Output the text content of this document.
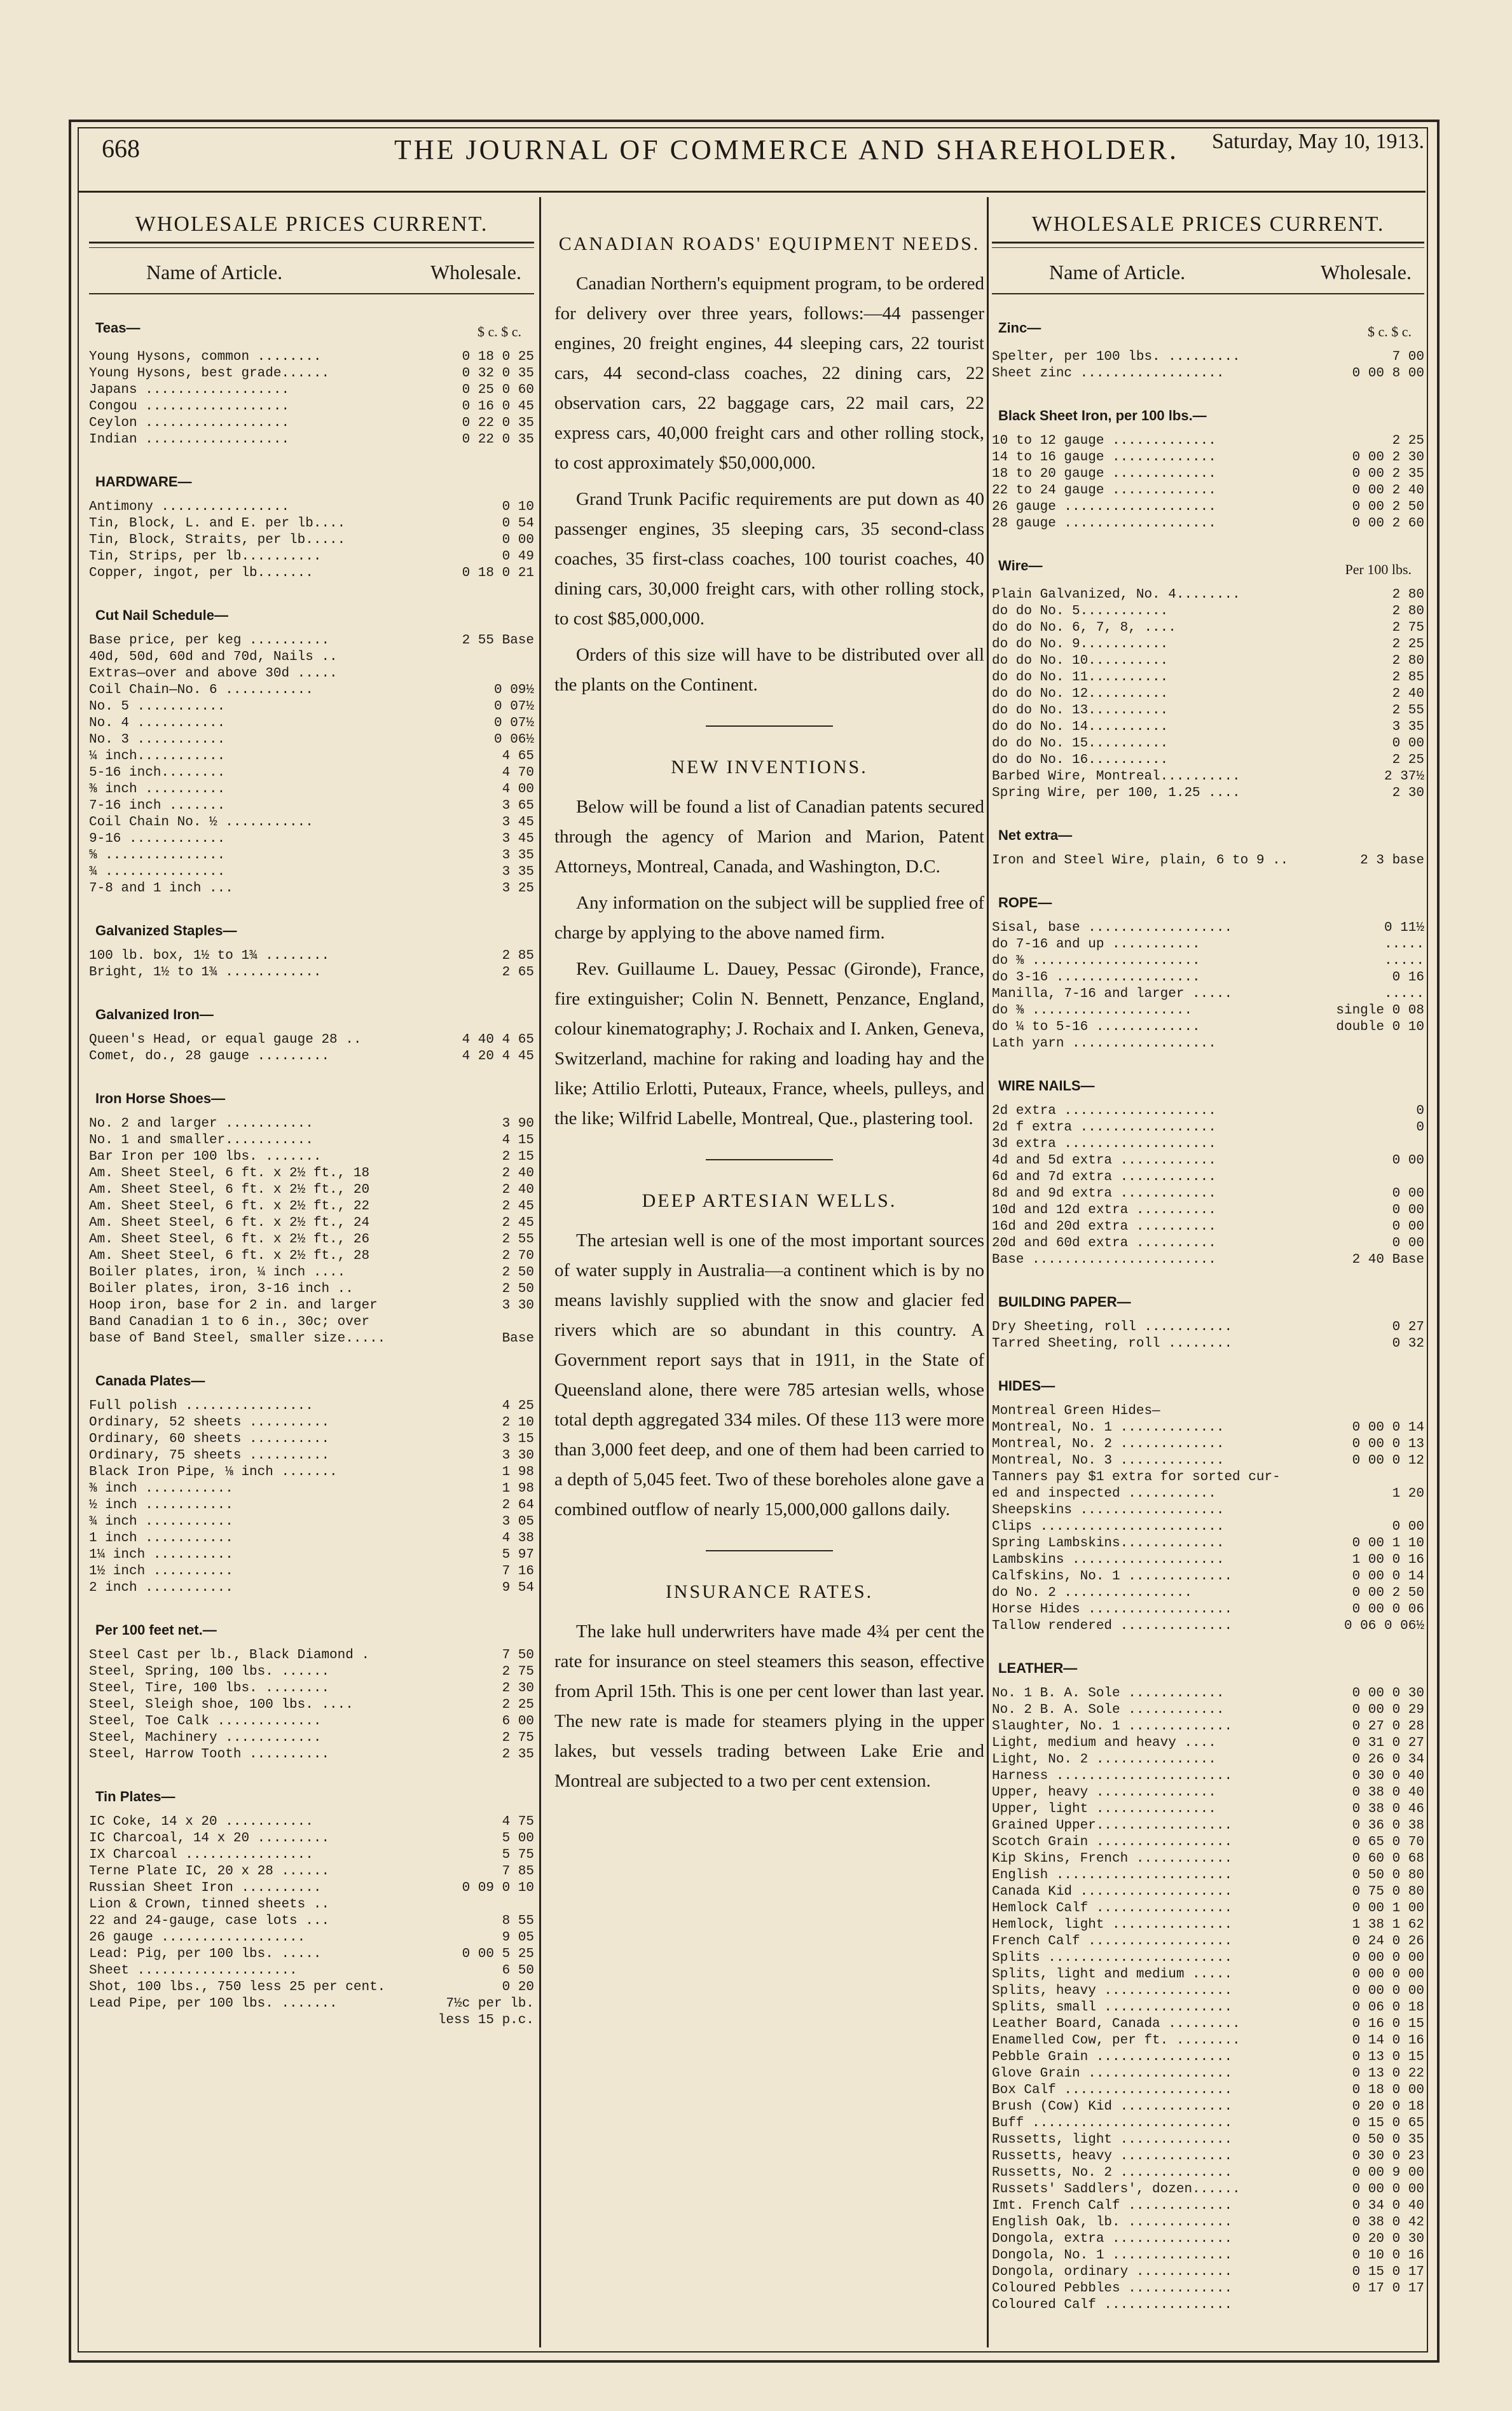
668	THE JOURNAL OF COMMERCE AND SHAREHOLDER. Saturday, May 10, 1913.
WHOLESALE PRICES CURRENT.
Name of Article.	Wholesale.
Teas—	$ c. $ c.
Young Hysons, common ........	0 18 0 25
Young Hysons, best grade......	0 32 0 35
Japans ..................	0 25 0 60
Congou ..................	0 16 0 45
Ceylon ..................	0 22 0 35
Indian ..................	0 22 0 35
HARDWARE—
Antimony ................	0 10
Tin, Block, L. and E. per lb....	0 54
Tin, Block, Straits, per lb.....	0 00
Tin, Strips, per lb..........	0 49
Copper, ingot, per lb.......	0 18 0 21
Cut Nail Schedule—
Base price, per keg ..........	2 55 Base
40d, 50d, 60d and 70d, Nails ..
Extras—over and above 30d .....
Coil Chain—No. 6 ...........	0 09½
No. 5 ...........	0 07½
No. 4 ...........	0 07½
No. 3 ...........	0 06½
¼ inch...........	4 65
5-16 inch........	4 70
⅜ inch ..........	4 00
7-16 inch .......	3 65
Coil Chain No. ½ ...........	3 45
9-16 ............	3 45
⅝ ...............	3 35
¾ ...............	3 35
7-8 and 1 inch ...	3 25
Galvanized Staples—
100 lb. box, 1½ to 1¾ ........	2 85
Bright, 1½ to 1¾ ............	2 65
Galvanized Iron—
Queen's Head, or equal gauge 28 ..	4 40 4 65
Comet, do., 28 gauge .........	4 20 4 45
Iron Horse Shoes—
No. 2 and larger ...........	3 90
No. 1 and smaller...........	4 15
Bar Iron per 100 lbs. .......	2 15
Am. Sheet Steel, 6 ft. x 2½ ft., 18	2 40
Am. Sheet Steel, 6 ft. x 2½ ft., 20	2 40
Am. Sheet Steel, 6 ft. x 2½ ft., 22	2 45
Am. Sheet Steel, 6 ft. x 2½ ft., 24	2 45
Am. Sheet Steel, 6 ft. x 2½ ft., 26	2 55
Am. Sheet Steel, 6 ft. x 2½ ft., 28	2 70
Boiler plates, iron, ¼ inch ....	2 50
Boiler plates, iron, 3-16 inch ..	2 50
Hoop iron, base for 2 in. and larger	3 30
Band Canadian 1 to 6 in., 30c; over
base of Band Steel, smaller size.....	Base
Canada Plates—
Full polish ................	4 25
Ordinary, 52 sheets ..........	2 10
Ordinary, 60 sheets ..........	3 15
Ordinary, 75 sheets ..........	3 30
Black Iron Pipe, ⅛ inch .......	1 98
⅜ inch ...........	1 98
½ inch ...........	2 64
¾ inch ...........	3 05
1 inch ...........	4 38
1¼ inch ..........	5 97
1½ inch ..........	7 16
2 inch ...........	9 54
Per 100 feet net.—
Steel Cast per lb., Black Diamond .	7 50
Steel, Spring, 100 lbs. ......	2 75
Steel, Tire, 100 lbs. ........	2 30
Steel, Sleigh shoe, 100 lbs. ....	2 25
Steel, Toe Calk .............	6 00
Steel, Machinery ............	2 75
Steel, Harrow Tooth ..........	2 35
Tin Plates—
IC Coke, 14 x 20 ...........	4 75
IC Charcoal, 14 x 20 .........	5 00
IX Charcoal ................	5 75
Terne Plate IC, 20 x 28 ......	7 85
Russian Sheet Iron ..........	0 09 0 10
Lion & Crown, tinned sheets ..
22 and 24-gauge, case lots ...	8 55
26 gauge ..................	9 05
Lead: Pig, per 100 lbs. .....	0 00 5 25
Sheet ....................	6 50
Shot, 100 lbs., 750 less 25 per cent.	0 20
Lead Pipe, per 100 lbs. .......	7½c per lb.
less 15 p.c.
CANADIAN ROADS' EQUIPMENT NEEDS.

Canadian Northern's equipment program, to be ordered for delivery over three years, follows:—44 passenger engines, 20 freight engines, 44 sleeping cars, 22 tourist cars, 44 second-class coaches, 22 dining cars, 22 observation cars, 22 baggage cars, 22 mail cars, 22 express cars, 40,000 freight cars and other rolling stock, to cost approximately $50,000,000.

Grand Trunk Pacific requirements are put down as 40 passenger engines, 35 sleeping cars, 35 second-class coaches, 35 first-class coaches, 100 tourist coaches, 40 dining cars, 30,000 freight cars, with other rolling stock, to cost $85,000,000.

Orders of this size will have to be distributed over all the plants on the Continent.

NEW INVENTIONS.

Below will be found a list of Canadian patents secured through the agency of Marion and Marion, Patent Attorneys, Montreal, Canada, and Washington, D.C.

Any information on the subject will be supplied free of charge by applying to the above named firm.

Rev. Guillaume L. Dauey, Pessac (Gironde), France, fire extinguisher; Colin N. Bennett, Penzance, England, colour kinematography; J. Rochaix and I. Anken, Geneva, Switzerland, machine for raking and loading hay and the like; Attilio Erlotti, Puteaux, France, wheels, pulleys, and the like; Wilfrid Labelle, Montreal, Que., plastering tool.

DEEP ARTESIAN WELLS.

The artesian well is one of the most important sources of water supply in Australia—a continent which is by no means lavishly supplied with the snow and glacier fed rivers which are so abundant in this country. A Government report says that in 1911, in the State of Queensland alone, there were 785 artesian wells, whose total depth aggregated 334 miles. Of these 113 were more than 3,000 feet deep, and one of them had been carried to a depth of 5,045 feet. Two of these boreholes alone gave a combined outflow of nearly 15,000,000 gallons daily.

INSURANCE RATES.

The lake hull underwriters have made 4¾ per cent the rate for insurance on steel steamers this season, effective from April 15th. This is one per cent lower than last year. The new rate is made for steamers plying in the upper lakes, but vessels trading between Lake Erie and Montreal are subjected to a two per cent extension.

WHOLESALE PRICES CURRENT.
Name of Article.	Wholesale.
Zinc—	$ c. $ c.
Spelter, per 100 lbs. .........	7 00
Sheet zinc ..................	0 00 8 00
Black Sheet Iron, per 100 lbs.—
10 to 12 gauge .............	2 25
14 to 16 gauge .............	0 00 2 30
18 to 20 gauge .............	0 00 2 35
22 to 24 gauge .............	0 00 2 40
26 gauge ...................	0 00 2 50
28 gauge ...................	0 00 2 60
Wire—	Per 100 lbs.
Plain Galvanized, No. 4........	2 80
do do No. 5...........	2 80
do do No. 6, 7, 8, ....	2 75
do do No. 9...........	2 25
do do No. 10..........	2 80
do do No. 11..........	2 85
do do No. 12..........	2 40
do do No. 13..........	2 55
do do No. 14..........	3 35
do do No. 15..........	0 00
do do No. 16..........	2 25
Barbed Wire, Montreal..........	2 37½
Spring Wire, per 100, 1.25 ....	2 30
Net extra—
Iron and Steel Wire, plain, 6 to 9 ..	2 3 base
ROPE—
Sisal, base ..................	0 11½
do 7-16 and up ...........	.....
do ⅜ .....................	.....
do 3-16 ..................	0 16
Manilla, 7-16 and larger .....	.....
do ⅜ ....................	single 0 08
do ¼ to 5-16 .............	double 0 10
Lath yarn ..................
WIRE NAILS—
2d extra ...................	0
2d f extra .................	0
3d extra ...................
4d and 5d extra ............	0 00
6d and 7d extra ............
8d and 9d extra ............	0 00
10d and 12d extra ..........	0 00
16d and 20d extra ..........	0 00
20d and 60d extra ..........	0 00
Base .......................	2 40 Base
BUILDING PAPER—
Dry Sheeting, roll ...........	0 27
Tarred Sheeting, roll ........	0 32
HIDES—
Montreal Green Hides—
Montreal, No. 1 .............	0 00 0 14
Montreal, No. 2 .............	0 00 0 13
Montreal, No. 3 .............	0 00 0 12
Tanners pay $1 extra for sorted cur-
ed and inspected ...........	1 20
Sheepskins ..................
Clips .......................	0 00
Spring Lambskins.............	0 00 1 10
Lambskins ...................	1 00 0 16
Calfskins, No. 1 .............	0 00 0 14
do No. 2 ................	0 00 2 50
Horse Hides ..................	0 00 0 06
Tallow rendered ..............	0 06 0 06½
LEATHER—
No. 1 B. A. Sole ............	0 00 0 30
No. 2 B. A. Sole ............	0 00 0 29
Slaughter, No. 1 .............	0 27 0 28
Light, medium and heavy ....	0 31 0 27
Light, No. 2 ...............	0 26 0 34
Harness ......................	0 30 0 40
Upper, heavy ...............	0 38 0 40
Upper, light ...............	0 38 0 46
Grained Upper.................	0 36 0 38
Scotch Grain .................	0 65 0 70
Kip Skins, French ............	0 60 0 68
English ......................	0 50 0 80
Canada Kid ...................	0 75 0 80
Hemlock Calf .................	0 00 1 00
Hemlock, light ...............	1 38 1 62
French Calf ..................	0 24 0 26
Splits .......................	0 00 0 00
Splits, light and medium .....	0 00 0 00
Splits, heavy ................	0 00 0 00
Splits, small ................	0 06 0 18
Leather Board, Canada .........	0 16 0 15
Enamelled Cow, per ft. ........	0 14 0 16
Pebble Grain .................	0 13 0 15
Glove Grain ..................	0 13 0 22
Box Calf .....................	0 18 0 00
Brush (Cow) Kid ..............	0 20 0 18
Buff .........................	0 15 0 65
Russetts, light ..............	0 50 0 35
Russetts, heavy ..............	0 30 0 23
Russetts, No. 2 ..............	0 00 9 00
Russets' Saddlers', dozen......	0 00 0 00
Imt. French Calf .............	0 34 0 40
English Oak, lb. .............	0 38 0 42
Dongola, extra ...............	0 20 0 30
Dongola, No. 1 ...............	0 10 0 16
Dongola, ordinary ............	0 15 0 17
Coloured Pebbles .............	0 17 0 17
Coloured Calf ................
